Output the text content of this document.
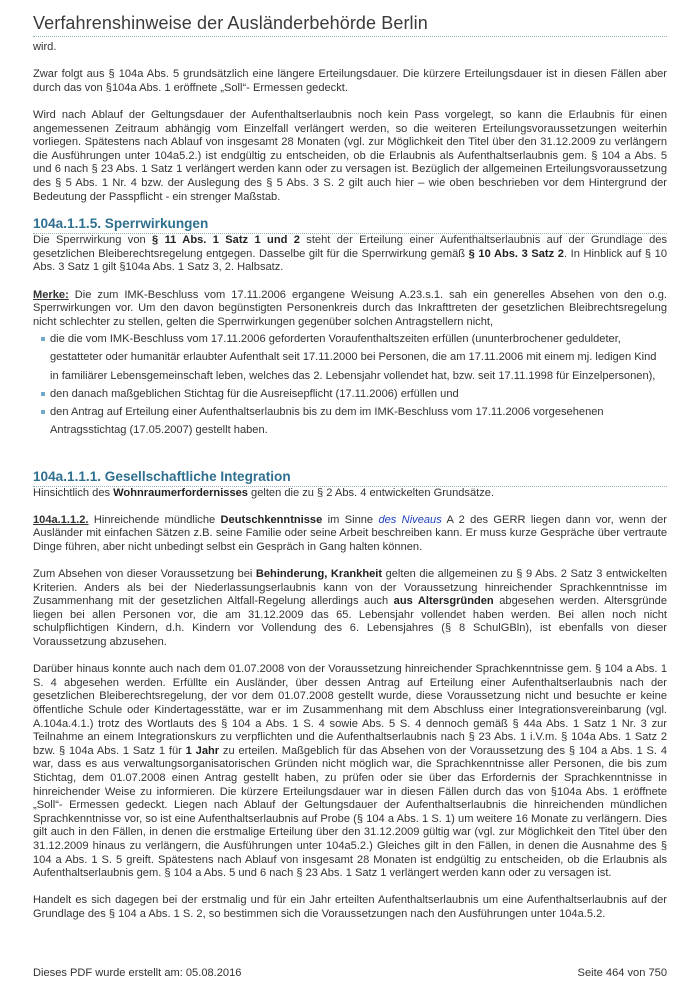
Verfahrenshinweise der Ausländerbehörde Berlin

wird.

Zwar folgt aus § 104a Abs. 5 grundsätzlich eine längere Erteilungsdauer. Die kürzere Erteilungsdauer ist in diesen Fällen aber durch das von §104a Abs. 1 eröffnete „Soll“- Ermessen gedeckt.

Wird nach Ablauf der Geltungsdauer der Aufenthaltserlaubnis noch kein Pass vorgelegt, so kann die Erlaubnis für einen angemessenen Zeitraum abhängig vom Einzelfall verlängert werden, so die weiteren Erteilungsvoraussetzungen weiterhin vorliegen. Spätestens nach Ablauf von insgesamt 28 Monaten (vgl. zur Möglichkeit den Titel über den 31.12.2009 zu verlängern die Ausführungen unter 104a5.2.) ist endgültig zu entscheiden, ob die Erlaubnis als Aufenthaltserlaubnis gem. § 104 a Abs. 5 und 6 nach § 23 Abs. 1 Satz 1 verlängert werden kann oder zu versagen ist. Bezüglich der allgemeinen Erteilungsvoraussetzung des § 5 Abs. 1 Nr. 4 bzw. der Auslegung des § 5 Abs. 3 S. 2 gilt auch hier – wie oben beschrieben vor dem Hintergrund der Bedeutung der Passpflicht - ein strenger Maßstab.

104a.1.1.5. Sperrwirkungen

Die Sperrwirkung von § 11 Abs. 1 Satz 1 und 2 steht der Erteilung einer Aufenthaltserlaubnis auf der Grundlage des gesetzlichen Bleiberechtsregelung entgegen. Dasselbe gilt für die Sperrwirkung gemäß § 10 Abs. 3 Satz 2. In Hinblick auf § 10 Abs. 3 Satz 1 gilt §104a Abs. 1 Satz 3, 2. Halbsatz.

Merke: Die zum IMK-Beschluss vom 17.11.2006 ergangene Weisung A.23.s.1. sah ein generelles Absehen von den o.g. Sperrwirkungen vor. Um den davon begünstigten Personenkreis durch das Inkrafttreten der gesetzlichen Bleibrechtsregelung nicht schlechter zu stellen, gelten die Sperrwirkungen gegenüber solchen Antragstellern nicht,

die die vom IMK-Beschluss vom 17.11.2006 geforderten Voraufenthaltszeiten erfüllen (ununterbrochener geduldeter, gestatteter oder humanitär erlaubter Aufenthalt seit 17.11.2000 bei Personen, die am 17.11.2006 mit einem mj. ledigen Kind in familiärer Lebensgemeinschaft leben, welches das 2. Lebensjahr vollendet hat, bzw. seit 17.11.1998 für Einzelpersonen),
den danach maßgeblichen Stichtag für die Ausreisepflicht (17.11.2006) erfüllen und
den Antrag auf Erteilung einer Aufenthaltserlaubnis bis zu dem im IMK-Beschluss vom 17.11.2006 vorgesehenen Antragsstichtag (17.05.2007) gestellt haben.
104a.1.1.1. Gesellschaftliche Integration

Hinsichtlich des Wohnraumerfordernisses gelten die zu § 2 Abs. 4 entwickelten Grundsätze.

104a.1.1.2. Hinreichende mündliche Deutschkenntnisse im Sinne des Niveaus A 2 des GERR liegen dann vor, wenn der Ausländer mit einfachen Sätzen z.B. seine Familie oder seine Arbeit beschreiben kann. Er muss kurze Gespräche über vertraute Dinge führen, aber nicht unbedingt selbst ein Gespräch in Gang halten können.

Zum Absehen von dieser Voraussetzung bei Behinderung, Krankheit gelten die allgemeinen zu § 9 Abs. 2 Satz 3 entwickelten Kriterien. Anders als bei der Niederlassungserlaubnis kann von der Voraussetzung hinreichender Sprachkenntnisse im Zusammenhang mit der gesetzlichen Altfall-Regelung allerdings auch aus Altersgründen abgesehen werden. Altersgründe liegen bei allen Personen vor, die am 31.12.2009 das 65. Lebensjahr vollendet haben werden. Bei allen noch nicht schulpflichtigen Kindern, d.h. Kindern vor Vollendung des 6. Lebensjahres (§ 8 SchulGBln), ist ebenfalls von dieser Voraussetzung abzusehen.

Darüber hinaus konnte auch nach dem 01.07.2008 von der Voraussetzung hinreichender Sprachkenntnisse gem. § 104 a Abs. 1 S. 4 abgesehen werden. Erfüllte ein Ausländer, über dessen Antrag auf Erteilung einer Aufenthaltserlaubnis nach der gesetzlichen Bleiberechtsregelung, der vor dem 01.07.2008 gestellt wurde, diese Voraussetzung nicht und besuchte er keine öffentliche Schule oder Kindertagesstätte, war er im Zusammenhang mit dem Abschluss einer Integrationsvereinbarung (vgl. A.104a.4.1.) trotz des Wortlauts des § 104 a Abs. 1 S. 4 sowie Abs. 5 S. 4 dennoch gemäß § 44a Abs. 1 Satz 1 Nr. 3 zur Teilnahme an einem Integrationskurs zu verpflichten und die Aufenthaltserlaubnis nach § 23 Abs. 1 i.V.m. § 104a Abs. 1 Satz 2 bzw. § 104a Abs. 1 Satz 1 für 1 Jahr zu erteilen. Maßgeblich für das Absehen von der Voraussetzung des § 104 a Abs. 1 S. 4 war, dass es aus verwaltungsorganisatorischen Gründen nicht möglich war, die Sprachkenntnisse aller Personen, die bis zum Stichtag, dem 01.07.2008 einen Antrag gestellt haben, zu prüfen oder sie über das Erfordernis der Sprachkenntnisse in hinreichender Weise zu informieren. Die kürzere Erteilungsdauer war in diesen Fällen durch das von §104a Abs. 1 eröffnete „Soll“- Ermessen gedeckt. Liegen nach Ablauf der Geltungsdauer der Aufenthaltserlaubnis die hinreichenden mündlichen Sprachkenntnisse vor, so ist eine Aufenthaltserlaubnis auf Probe (§ 104 a Abs. 1 S. 1) um weitere 16 Monate zu verlängern. Dies gilt auch in den Fällen, in denen die erstmalige Erteilung über den 31.12.2009 gültig war (vgl. zur Möglichkeit den Titel über den 31.12.2009 hinaus zu verlängern, die Ausführungen unter 104a5.2.) Gleiches gilt in den Fällen, in denen die Ausnahme des § 104 a Abs. 1 S. 5 greift. Spätestens nach Ablauf von insgesamt 28 Monaten ist endgültig zu entscheiden, ob die Erlaubnis als Aufenthaltserlaubnis gem. § 104 a Abs. 5 und 6 nach § 23 Abs. 1 Satz 1 verlängert werden kann oder zu versagen ist.

Handelt es sich dagegen bei der erstmalig und für ein Jahr erteilten Aufenthaltserlaubnis um eine Aufenthaltserlaubnis auf der Grundlage des § 104 a Abs. 1 S. 2, so bestimmen sich die Voraussetzungen nach den Ausführungen unter 104a.5.2.

Dieses PDF wurde erstellt am: 05.08.2016	Seite 464 von 750
